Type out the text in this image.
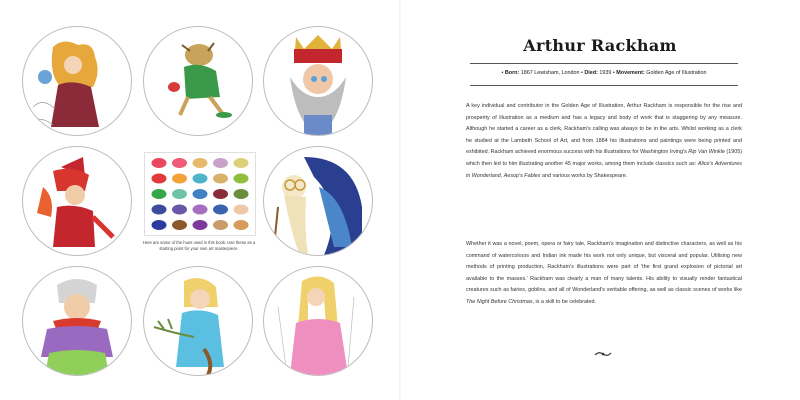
Here are some of the hues used in this book. Use these as a starting point for your own art masterpiece.
Arthur Rackham
• Born: 1867 Lewisham, London • Died: 1939 • Movement: Golden Age of Illustration
A key individual and contributor in the Golden Age of Illustration, Arthur Rackham is responsible for the rise and prosperity of illustration as a medium and has a legacy and body of work that is staggering by any measure. Although he started a career as a clerk, Rackham's calling was always to be in the arts. Whilst working as a clerk he studied at the Lambeth School of Art, and from 1884 his illustrations and paintings were being printed and exhibited. Rackham achieved enormous success with his illustrations for Washington Irving's Rip Van Winkle (1905) which then led to him illustrating another 45 major works, among them include classics such as: Alice's Adventures in Wonderland, Aesop's Fables and various works by Shakespeare.
Whether it was a novel, poem, opera or fairy tale, Rackham's imagination and distinctive characters, as well as his command of watercolours and Indian ink made his work not only unique, but visceral and popular. Utilising new methods of printing production, Rackham's illustrations were part of 'the first grand explosion of pictorial art available to the masses.' Rackham was clearly a man of many talents. His ability to visually render fantastical creatures such as fairies, goblins, and all of Wonderland's veritable offering, as well as classic scenes of works like The Night Before Christmas, is a skill to be celebrated.
